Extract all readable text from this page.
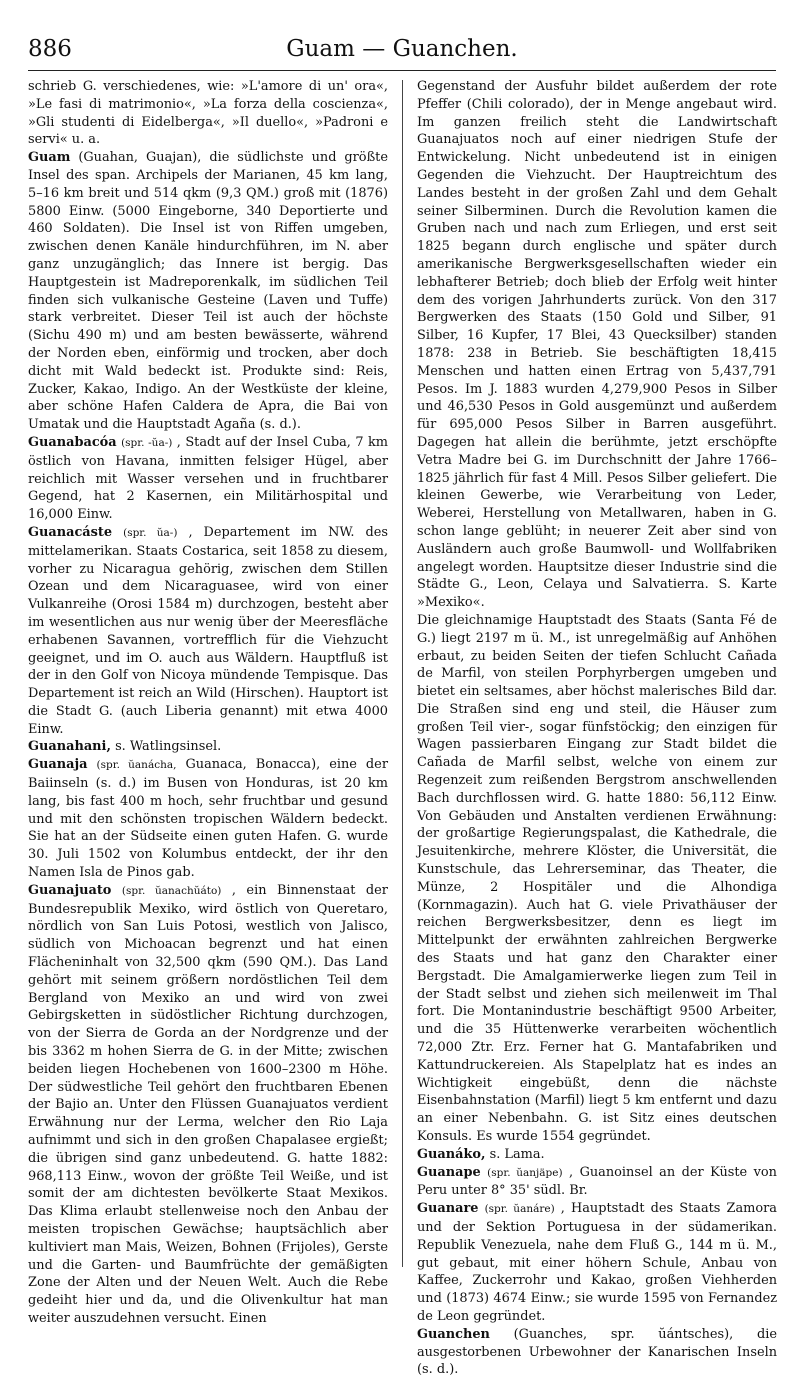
886	Guam — Guanchen.

schrieb G. verschiedenes, wie: »L'amore di un' ora«, »Le fasi di matrimonio«, »La forza della coscienza«, »Gli studenti di Eidelberga«, »Il duello«, »Padroni e servi« u. a.

Guam (Guahan, Guajan), die südlichste und größte Insel des span. Archipels der Marianen, 45 km lang, 5–16 km breit und 514 qkm (9,3 QM.) groß mit (1876) 5800 Einw. (5000 Eingeborne, 340 Deportierte und 460 Soldaten). Die Insel ist von Riffen umgeben, zwischen denen Kanäle hindurchführen, im N. aber ganz unzugänglich; das Innere ist bergig. Das Hauptgestein ist Madreporenkalk, im südlichen Teil finden sich vulkanische Gesteine (Laven und Tuffe) stark verbreitet. Dieser Teil ist auch der höchste (Sichu 490 m) und am besten bewässerte, während der Norden eben, einförmig und trocken, aber doch dicht mit Wald bedeckt ist. Produkte sind: Reis, Zucker, Kakao, Indigo. An der Westküste der kleine, aber schöne Hafen Caldera de Apra, die Bai von Umatak und die Hauptstadt Agaña (s. d.).

Guanabacóa (spr. -ŭa-) , Stadt auf der Insel Cuba, 7 km östlich von Havana, inmitten felsiger Hügel, aber reichlich mit Wasser versehen und in fruchtbarer Gegend, hat 2 Kasernen, ein Militärhospital und 16,000 Einw.

Guanacáste (spr. ŭa-) , Departement im NW. des mittelamerikan. Staats Costarica, seit 1858 zu diesem, vorher zu Nicaragua gehörig, zwischen dem Stillen Ozean und dem Nicaraguasee, wird von einer Vulkanreihe (Orosi 1584 m) durchzogen, besteht aber im wesentlichen aus nur wenig über der Meeresfläche erhabenen Savannen, vortrefflich für die Viehzucht geeignet, und im O. auch aus Wäldern. Hauptfluß ist der in den Golf von Nicoya mündende Tempisque. Das Departement ist reich an Wild (Hirschen). Hauptort ist die Stadt G. (auch Liberia genannt) mit etwa 4000 Einw.

Guanahani, s. Watlingsinsel.

Guanaja (spr. ŭanácha, Guanaca, Bonacca), eine der Baiinseln (s. d.) im Busen von Honduras, ist 20 km lang, bis fast 400 m hoch, sehr fruchtbar und gesund und mit den schönsten tropischen Wäldern bedeckt. Sie hat an der Südseite einen guten Hafen. G. wurde 30. Juli 1502 von Kolumbus entdeckt, der ihr den Namen Isla de Pinos gab.

Guanajuato (spr. ŭanachŭáto) , ein Binnenstaat der Bundesrepublik Mexiko, wird östlich von Queretaro, nördlich von San Luis Potosi, westlich von Jalisco, südlich von Michoacan begrenzt und hat einen Flächeninhalt von 32,500 qkm (590 QM.). Das Land gehört mit seinem größern nordöstlichen Teil dem Bergland von Mexiko an und wird von zwei Gebirgsketten in südöstlicher Richtung durchzogen, von der Sierra de Gorda an der Nordgrenze und der bis 3362 m hohen Sierra de G. in der Mitte; zwischen beiden liegen Hochebenen von 1600–2300 m Höhe. Der südwestliche Teil gehört den fruchtbaren Ebenen der Bajio an. Unter den Flüssen Guanajuatos verdient Erwähnung nur der Lerma, welcher den Rio Laja aufnimmt und sich in den großen Chapalasee ergießt; die übrigen sind ganz unbedeutend. G. hatte 1882: 968,113 Einw., wovon der größte Teil Weiße, und ist somit der am dichtesten bevölkerte Staat Mexikos. Das Klima erlaubt stellenweise noch den Anbau der meisten tropischen Gewächse; hauptsächlich aber kultiviert man Mais, Weizen, Bohnen (Frijoles), Gerste und die Garten- und Baumfrüchte der gemäßigten Zone der Alten und der Neuen Welt. Auch die Rebe gedeiht hier und da, und die Olivenkultur hat man weiter auszudehnen versucht. Einen

Gegenstand der Ausfuhr bildet außerdem der rote Pfeffer (Chili colorado), der in Menge angebaut wird. Im ganzen freilich steht die Landwirtschaft Guanajuatos noch auf einer niedrigen Stufe der Entwickelung. Nicht unbedeutend ist in einigen Gegenden die Viehzucht. Der Hauptreichtum des Landes besteht in der großen Zahl und dem Gehalt seiner Silberminen. Durch die Revolution kamen die Gruben nach und nach zum Erliegen, und erst seit 1825 begann durch englische und später durch amerikanische Bergwerksgesellschaften wieder ein lebhafterer Betrieb; doch blieb der Erfolg weit hinter dem des vorigen Jahrhunderts zurück. Von den 317 Bergwerken des Staats (150 Gold und Silber, 91 Silber, 16 Kupfer, 17 Blei, 43 Quecksilber) standen 1878: 238 in Betrieb. Sie beschäftigten 18,415 Menschen und hatten einen Ertrag von 5,437,791 Pesos. Im J. 1883 wurden 4,279,900 Pesos in Silber und 46,530 Pesos in Gold ausgemünzt und außerdem für 695,000 Pesos Silber in Barren ausgeführt. Dagegen hat allein die berühmte, jetzt erschöpfte Vetra Madre bei G. im Durchschnitt der Jahre 1766–1825 jährlich für fast 4 Mill. Pesos Silber geliefert. Die kleinen Gewerbe, wie Verarbeitung von Leder, Weberei, Herstellung von Metallwaren, haben in G. schon lange geblüht; in neuerer Zeit aber sind von Ausländern auch große Baumwoll- und Wollfabriken angelegt worden. Hauptsitze dieser Industrie sind die Städte G., Leon, Celaya und Salvatierra. S. Karte »Mexiko«.

Die gleichnamige Hauptstadt des Staats (Santa Fé de G.) liegt 2197 m ü. M., ist unregelmäßig auf Anhöhen erbaut, zu beiden Seiten der tiefen Schlucht Cañada de Marfil, von steilen Porphyrbergen umgeben und bietet ein seltsames, aber höchst malerisches Bild dar. Die Straßen sind eng und steil, die Häuser zum großen Teil vier-, sogar fünfstöckig; den einzigen für Wagen passierbaren Eingang zur Stadt bildet die Cañada de Marfil selbst, welche von einem zur Regenzeit zum reißenden Bergstrom anschwellenden Bach durchflossen wird. G. hatte 1880: 56,112 Einw. Von Gebäuden und Anstalten verdienen Erwähnung: der großartige Regierungspalast, die Kathedrale, die Jesuitenkirche, mehrere Klöster, die Universität, die Kunstschule, das Lehrerseminar, das Theater, die Münze, 2 Hospitäler und die Alhondiga (Kornmagazin). Auch hat G. viele Privathäuser der reichen Bergwerksbesitzer, denn es liegt im Mittelpunkt der erwähnten zahlreichen Bergwerke des Staats und hat ganz den Charakter einer Bergstadt. Die Amalgamierwerke liegen zum Teil in der Stadt selbst und ziehen sich meilenweit im Thal fort. Die Montanindustrie beschäftigt 9500 Arbeiter, und die 35 Hüttenwerke verarbeiten wöchentlich 72,000 Ztr. Erz. Ferner hat G. Mantafabriken und Kattundruckereien. Als Stapelplatz hat es indes an Wichtigkeit eingebüßt, denn die nächste Eisenbahnstation (Marfil) liegt 5 km entfernt und dazu an einer Nebenbahn. G. ist Sitz eines deutschen Konsuls. Es wurde 1554 gegründet.

Guanáko, s. Lama.

Guanape (spr. ŭanjäpe) , Guanoinsel an der Küste von Peru unter 8° 35' südl. Br.

Guanare (spr. ŭanáre) , Hauptstadt des Staats Zamora und der Sektion Portuguesa in der südamerikan. Republik Venezuela, nahe dem Fluß G., 144 m ü. M., gut gebaut, mit einer höhern Schule, Anbau von Kaffee, Zuckerrohr und Kakao, großen Viehherden und (1873) 4674 Einw.; sie wurde 1595 von Fernandez de Leon gegründet.

Guanchen (Guanches, spr. ŭántsches), die ausgestorbenen Urbewohner der Kanarischen Inseln (s. d.).
